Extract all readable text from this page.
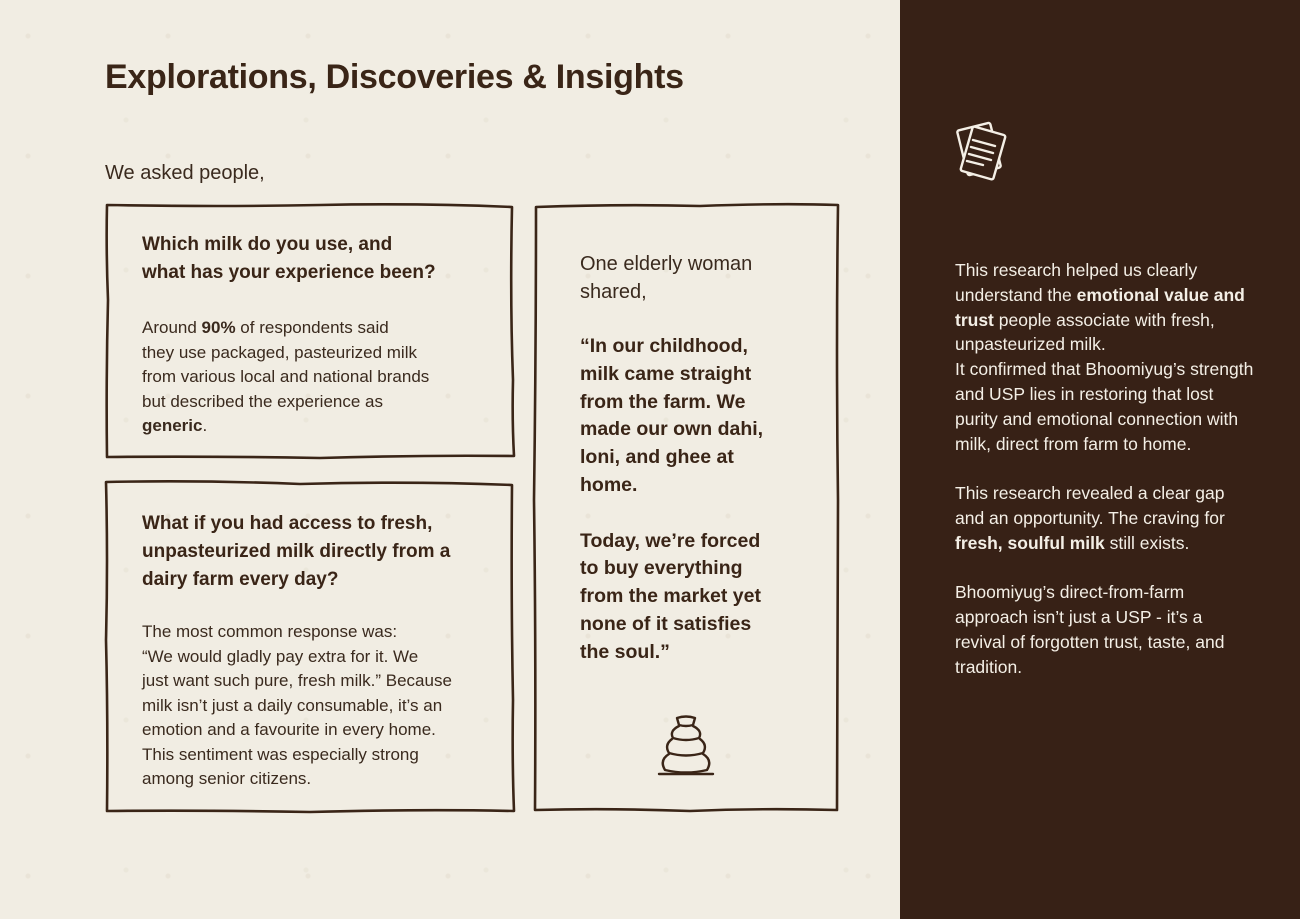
Explorations, Discoveries & Insights
We asked people,

Which milk do you use, and
what has your experience been?

Around 90% of respondents said
they use packaged, pasteurized milk
from various local and national brands
but described the experience as
generic.

What if you had access to fresh,
unpasteurized milk directly from a
dairy farm every day?

The most common response was:
“We would gladly pay extra for it. We
just want such pure, fresh milk.” Because
milk isn’t just a daily consumable, it’s an
emotion and a favourite in every home.
This sentiment was especially strong
among senior citizens.

One elderly woman
shared,

“In our childhood,
milk came straight
from the farm. We
made our own dahi,
loni, and ghee at
home.

Today, we’re forced
to buy everything
from the market yet
none of it satisfies
the soul.”

This research helped us clearly understand the emotional value and trust people associate with fresh, unpasteurized milk.
It confirmed that Bhoomiyug’s strength and USP lies in restoring that lost purity and emotional connection with milk, direct from farm to home.

This research revealed a clear gap and an opportunity. The craving for fresh, soulful milk still exists.

Bhoomiyug’s direct-from-farm approach isn’t just a USP - it’s a revival of forgotten trust, taste, and tradition.
